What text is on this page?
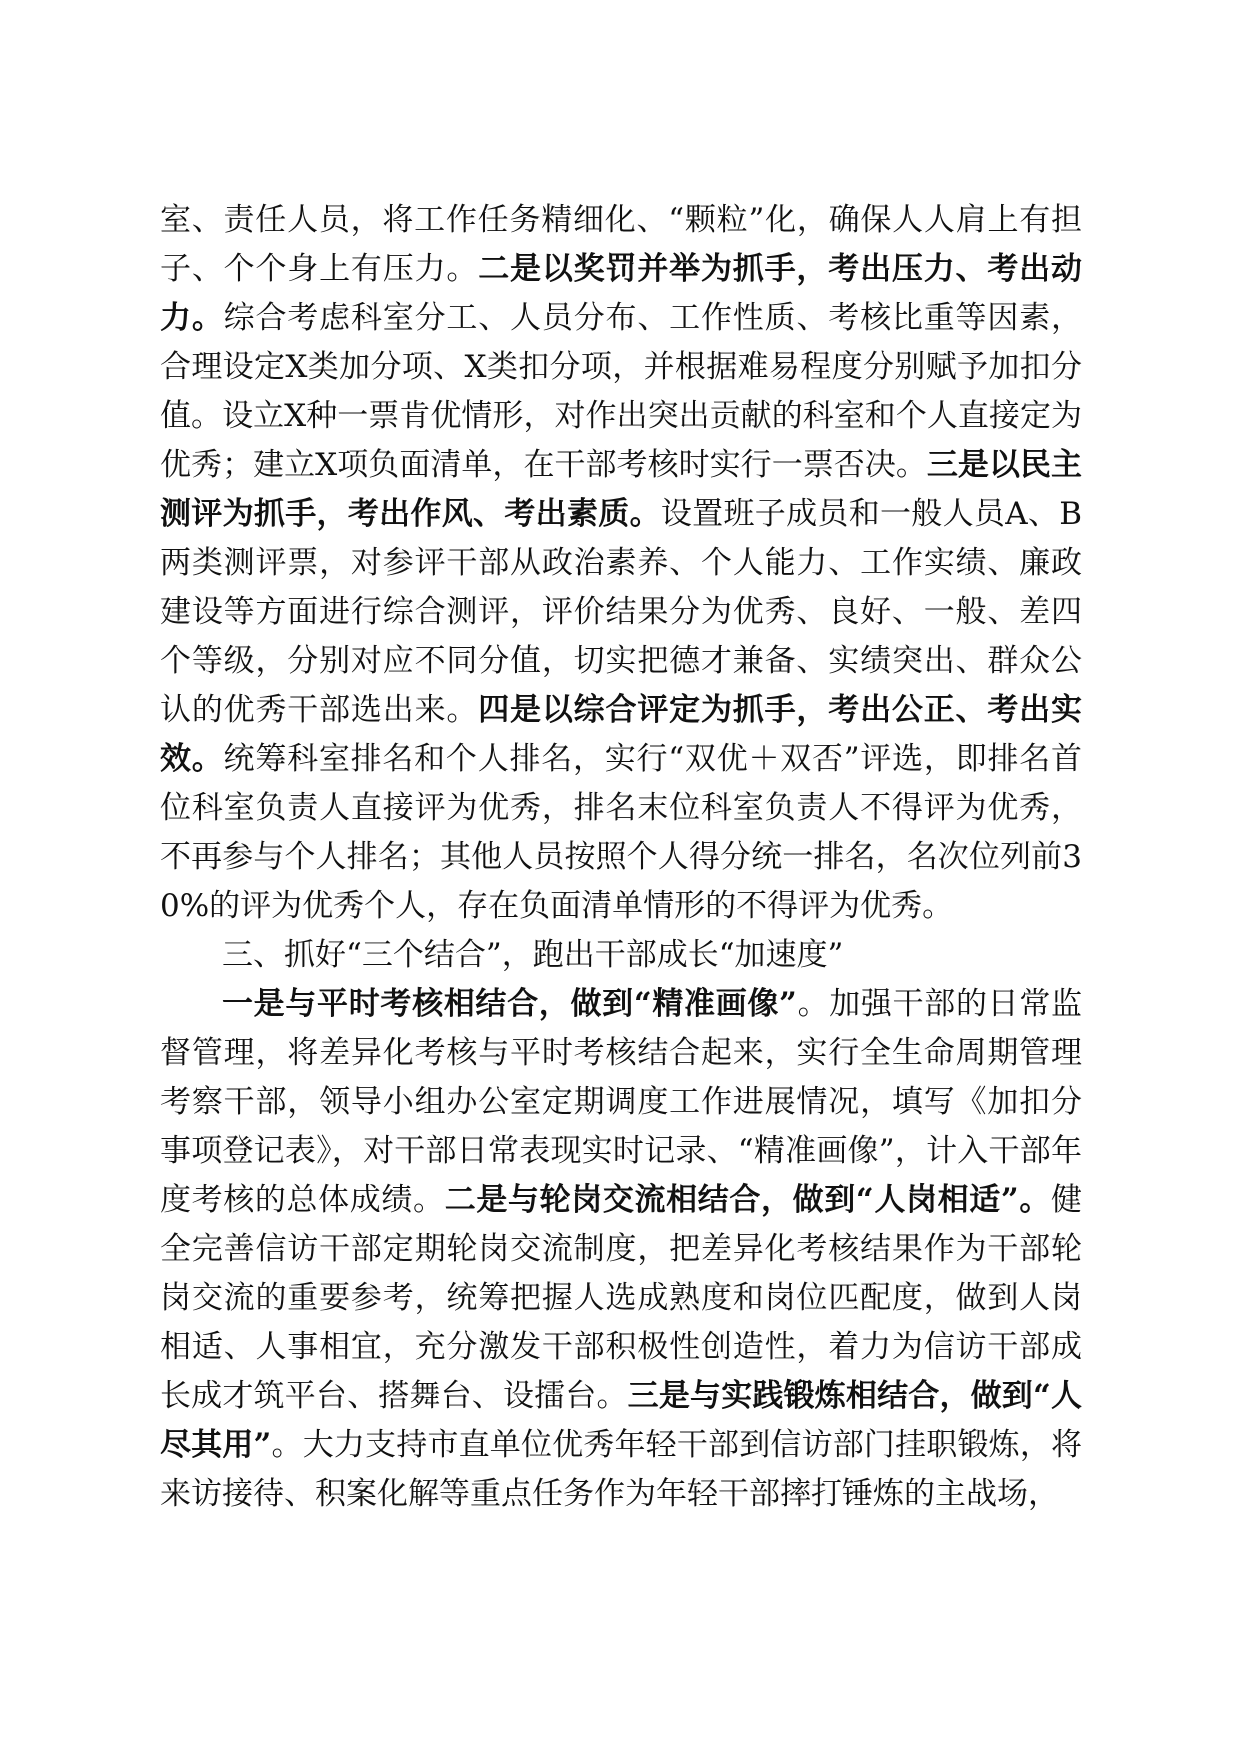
室、责任人员，将工作任务精细化、“颗粒”化，确保人人肩上有担子、个个身上有压力。二是以奖罚并举为抓手，考出压力、考出动力。综合考虑科室分工、人员分布、工作性质、考核比重等因素，合理设定X类加分项、X类扣分项，并根据难易程度分别赋予加扣分值。设立X种一票肯优情形，对作出突出贡献的科室和个人直接定为优秀；建立X项负面清单，在干部考核时实行一票否决。三是以民主测评为抓手，考出作风、考出素质。设置班子成员和一般人员A、B两类测评票，对参评干部从政治素养、个人能力、工作实绩、廉政建设等方面进行综合测评，评价结果分为优秀、良好、一般、差四个等级，分别对应不同分值，切实把德才兼备、实绩突出、群众公认的优秀干部选出来。四是以综合评定为抓手，考出公正、考出实效。统筹科室排名和个人排名，实行“双优＋双否”评选，即排名首位科室负责人直接评为优秀，排名末位科室负责人不得评为优秀，不再参与个人排名；其他人员按照个人得分统一排名，名次位列前30%的评为优秀个人，存在负面清单情形的不得评为优秀。

三、抓好“三个结合”，跑出干部成长“加速度”

一是与平时考核相结合，做到“精准画像”。加强干部的日常监督管理，将差异化考核与平时考核结合起来，实行全生命周期管理考察干部，领导小组办公室定期调度工作进展情况，填写《加扣分事项登记表》，对干部日常表现实时记录、“精准画像”，计入干部年度考核的总体成绩。二是与轮岗交流相结合，做到“人岗相适”。健全完善信访干部定期轮岗交流制度，把差异化考核结果作为干部轮岗交流的重要参考，统筹把握人选成熟度和岗位匹配度，做到人岗相适、人事相宜，充分激发干部积极性创造性，着力为信访干部成长成才筑平台、搭舞台、设擂台。三是与实践锻炼相结合，做到“人尽其用”。大力支持市直单位优秀年轻干部到信访部门挂职锻炼，将来访接待、积案化解等重点任务作为年轻干部摔打锤炼的主战场，
